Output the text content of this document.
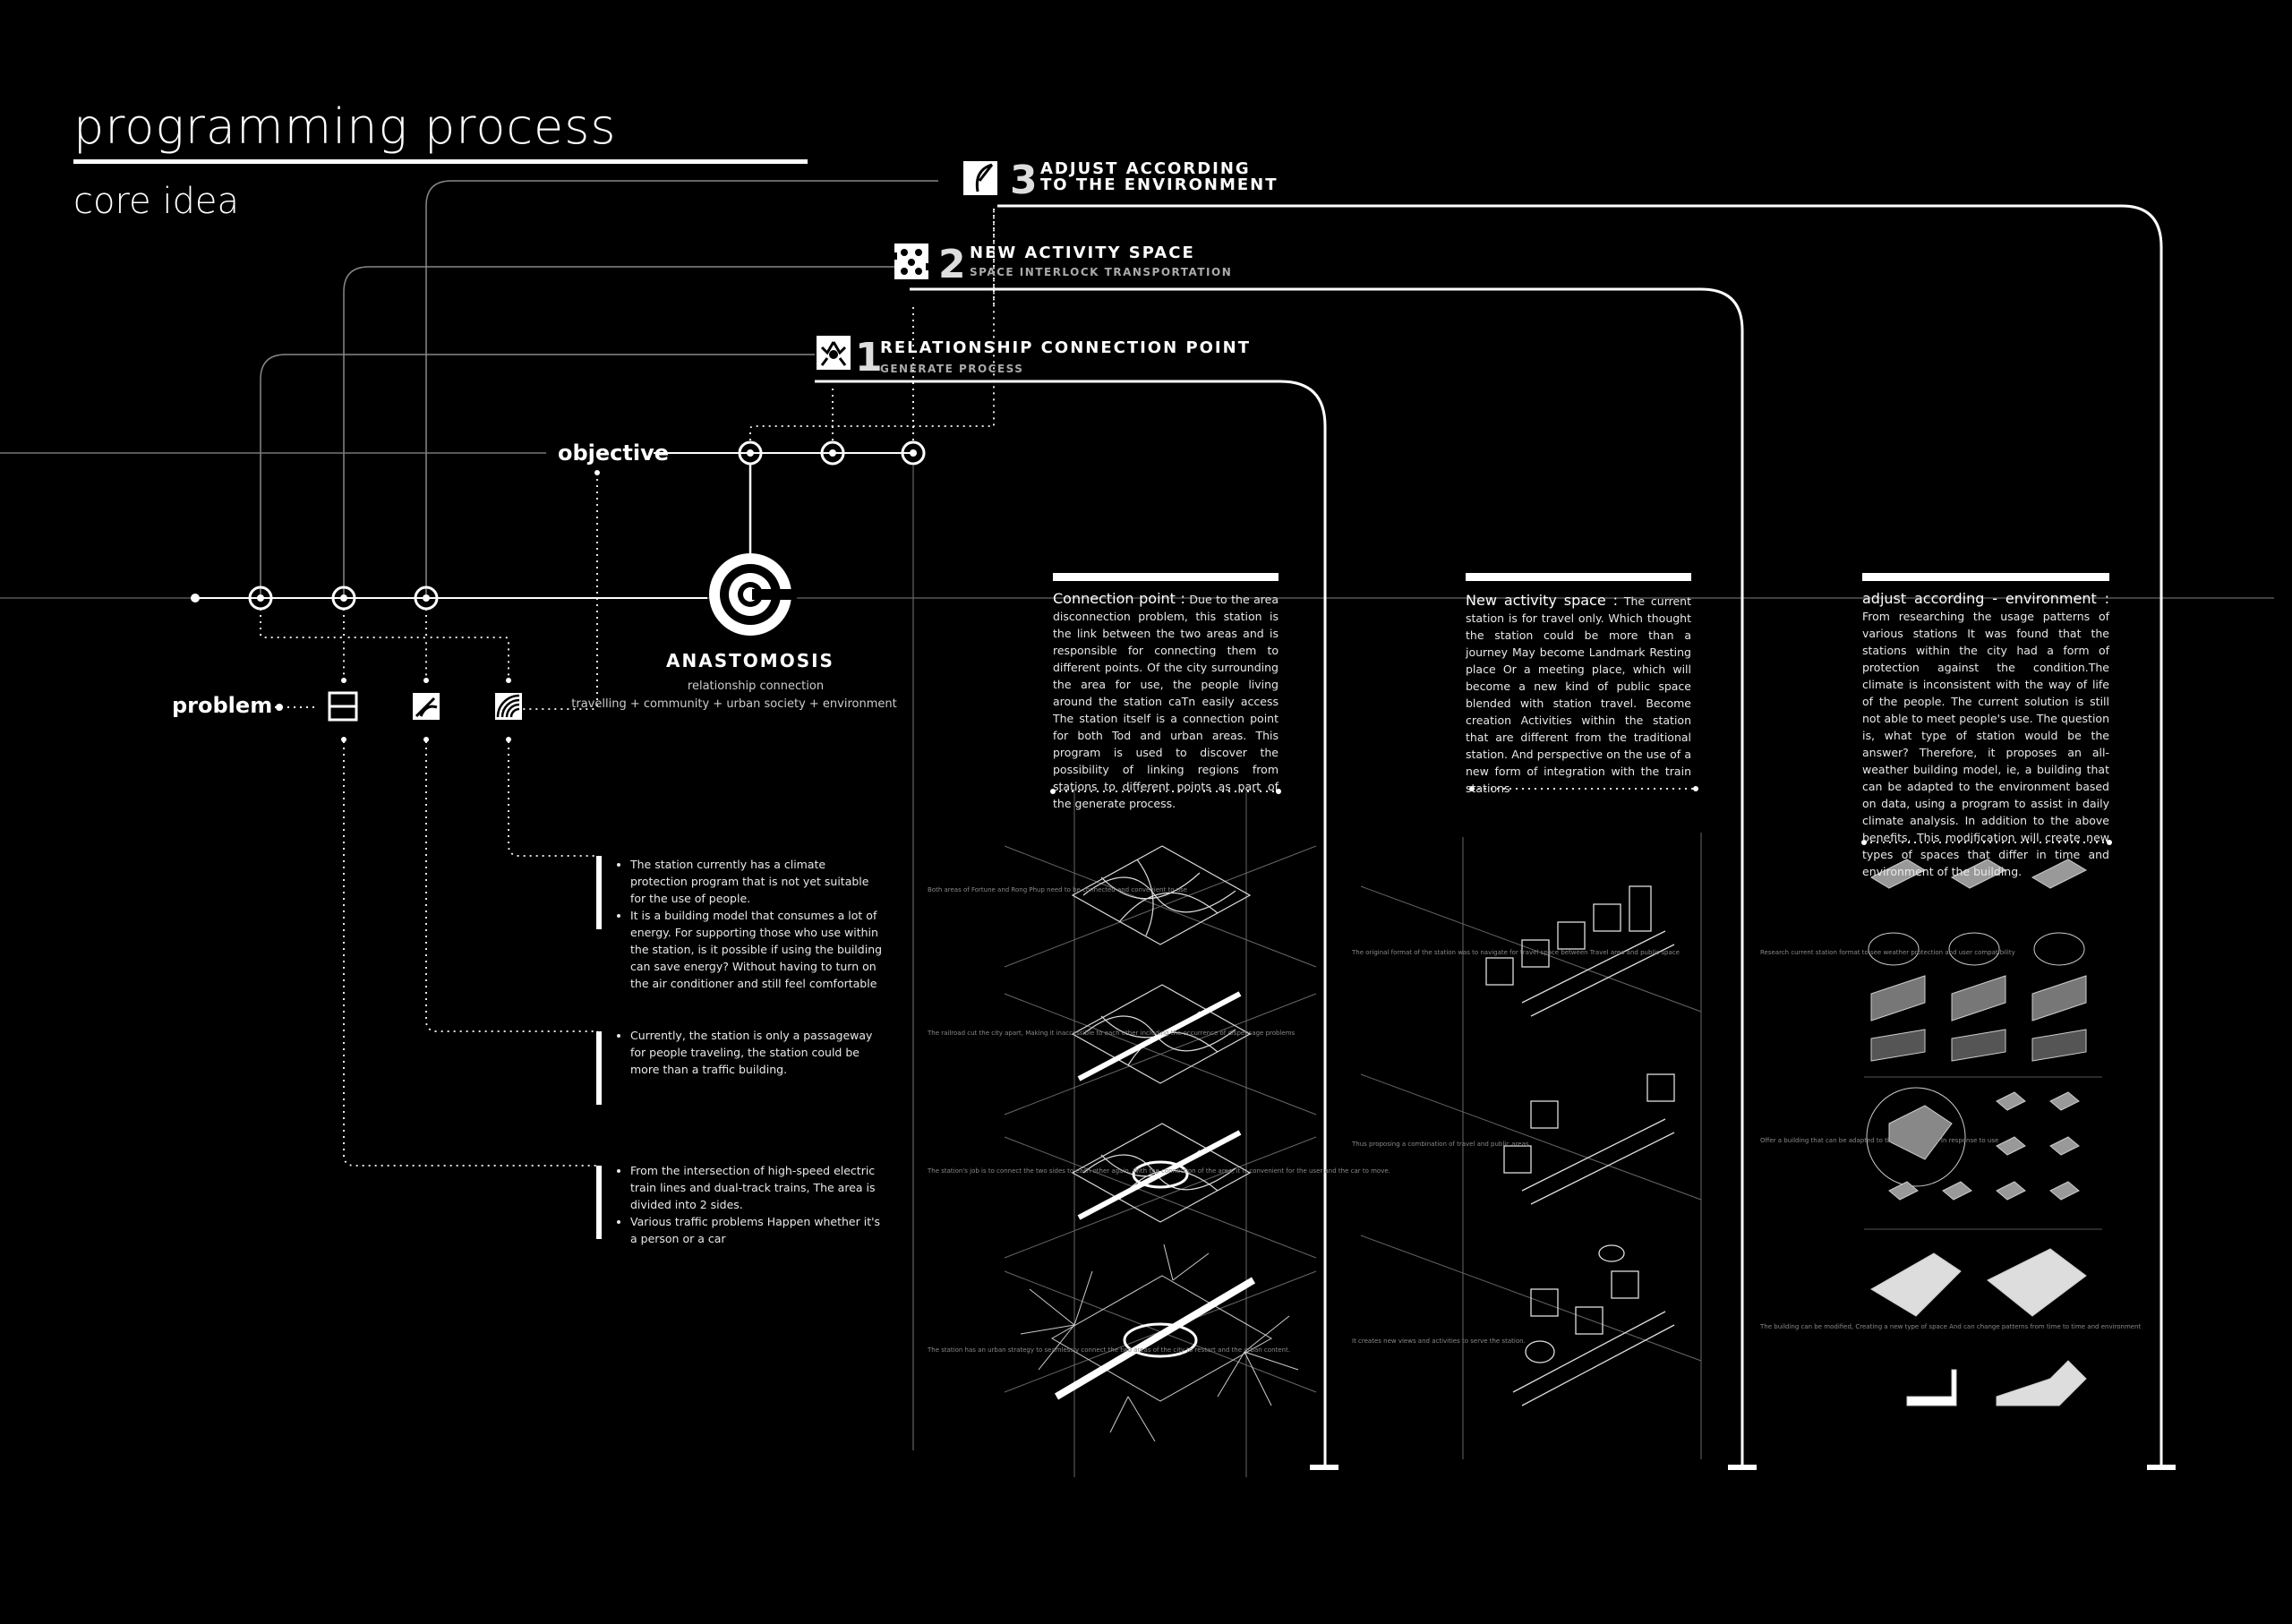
programming process
core idea
objective
problem
ANASTOMOSIS
relationship connection
travelling + community + urban society + environment
1
RELATIONSHIP CONNECTION POINT
GENERATE PROCESS
2 NEW ACTIVITY SPACE
SPACE INTERLOCK TRANSPORTATION
3 ADJUST ACCORDING
TO THE ENVIRONMENT
Both areas of Fortune and Rong Phup need to be connected and convenient to use
The railroad cut the city apart, Making it inaccessible to each other including the occurrence of dispensage problems
The station's job is to connect the two sides to each other again. With the connection of the area, it is convenient for the user and the car to move.
The station has an urban strategy to seamlessly connect the two areas of the city to restart and the urban content.
The original format of the station was to navigate for travel space between Travel area and public space
Thus proposing a combination of travel and public areas.
It creates new views and activities to serve the station.
Research current station format to see weather protection and user compatibility
Offer a building that can be adapted to the environment. In response to use
The building can be modified, Creating a new type of space And can change patterns from time to time and environment
Connection point : Due to the area disconnection problem, this station is the link between the two areas and is responsible for connecting them to different points. Of the city surrounding the area for use, the people living around the station caTn easily access The station itself is a connection point for both Tod and urban areas. This program is used to discover the possibility of linking regions from stations to different points as part of the generate process.
New activity space : The current station is for travel only. Which thought the station could be more than a journey May become Landmark Resting place Or a meeting place, which will become a new kind of public space blended with station travel. Become creation Activities within the station that are different from the traditional station. And perspective on the use of a new form of integration with the train stations
adjust according - environment : From researching the usage patterns of various stations It was found that the stations within the city had a form of protection against the condition.The climate is inconsistent with the way of life of the people. The current solution is still not able to meet people's use. The question is, what type of station would be the answer? Therefore, it proposes an all-weather building model, ie, a building that can be adapted to the environment based on data, using a program to assist in daily climate analysis. In addition to the above benefits, This modification will create new types of spaces that differ in time and environment of the building.
• The station currently has a climate protection program that is not yet suitable for the use of people.
• It is a building model that consumes a lot of energy. For supporting those who use within the station, is it possible if using the building can save energy? Without having to turn on the air conditioner and still feel comfortable
• Currently, the station is only a passageway for people traveling, the station could be more than a traffic building.
• From the intersection of high-speed electric train lines and dual-track trains, The area is divided into 2 sides.
• Various traffic problems Happen whether it's a person or a car
